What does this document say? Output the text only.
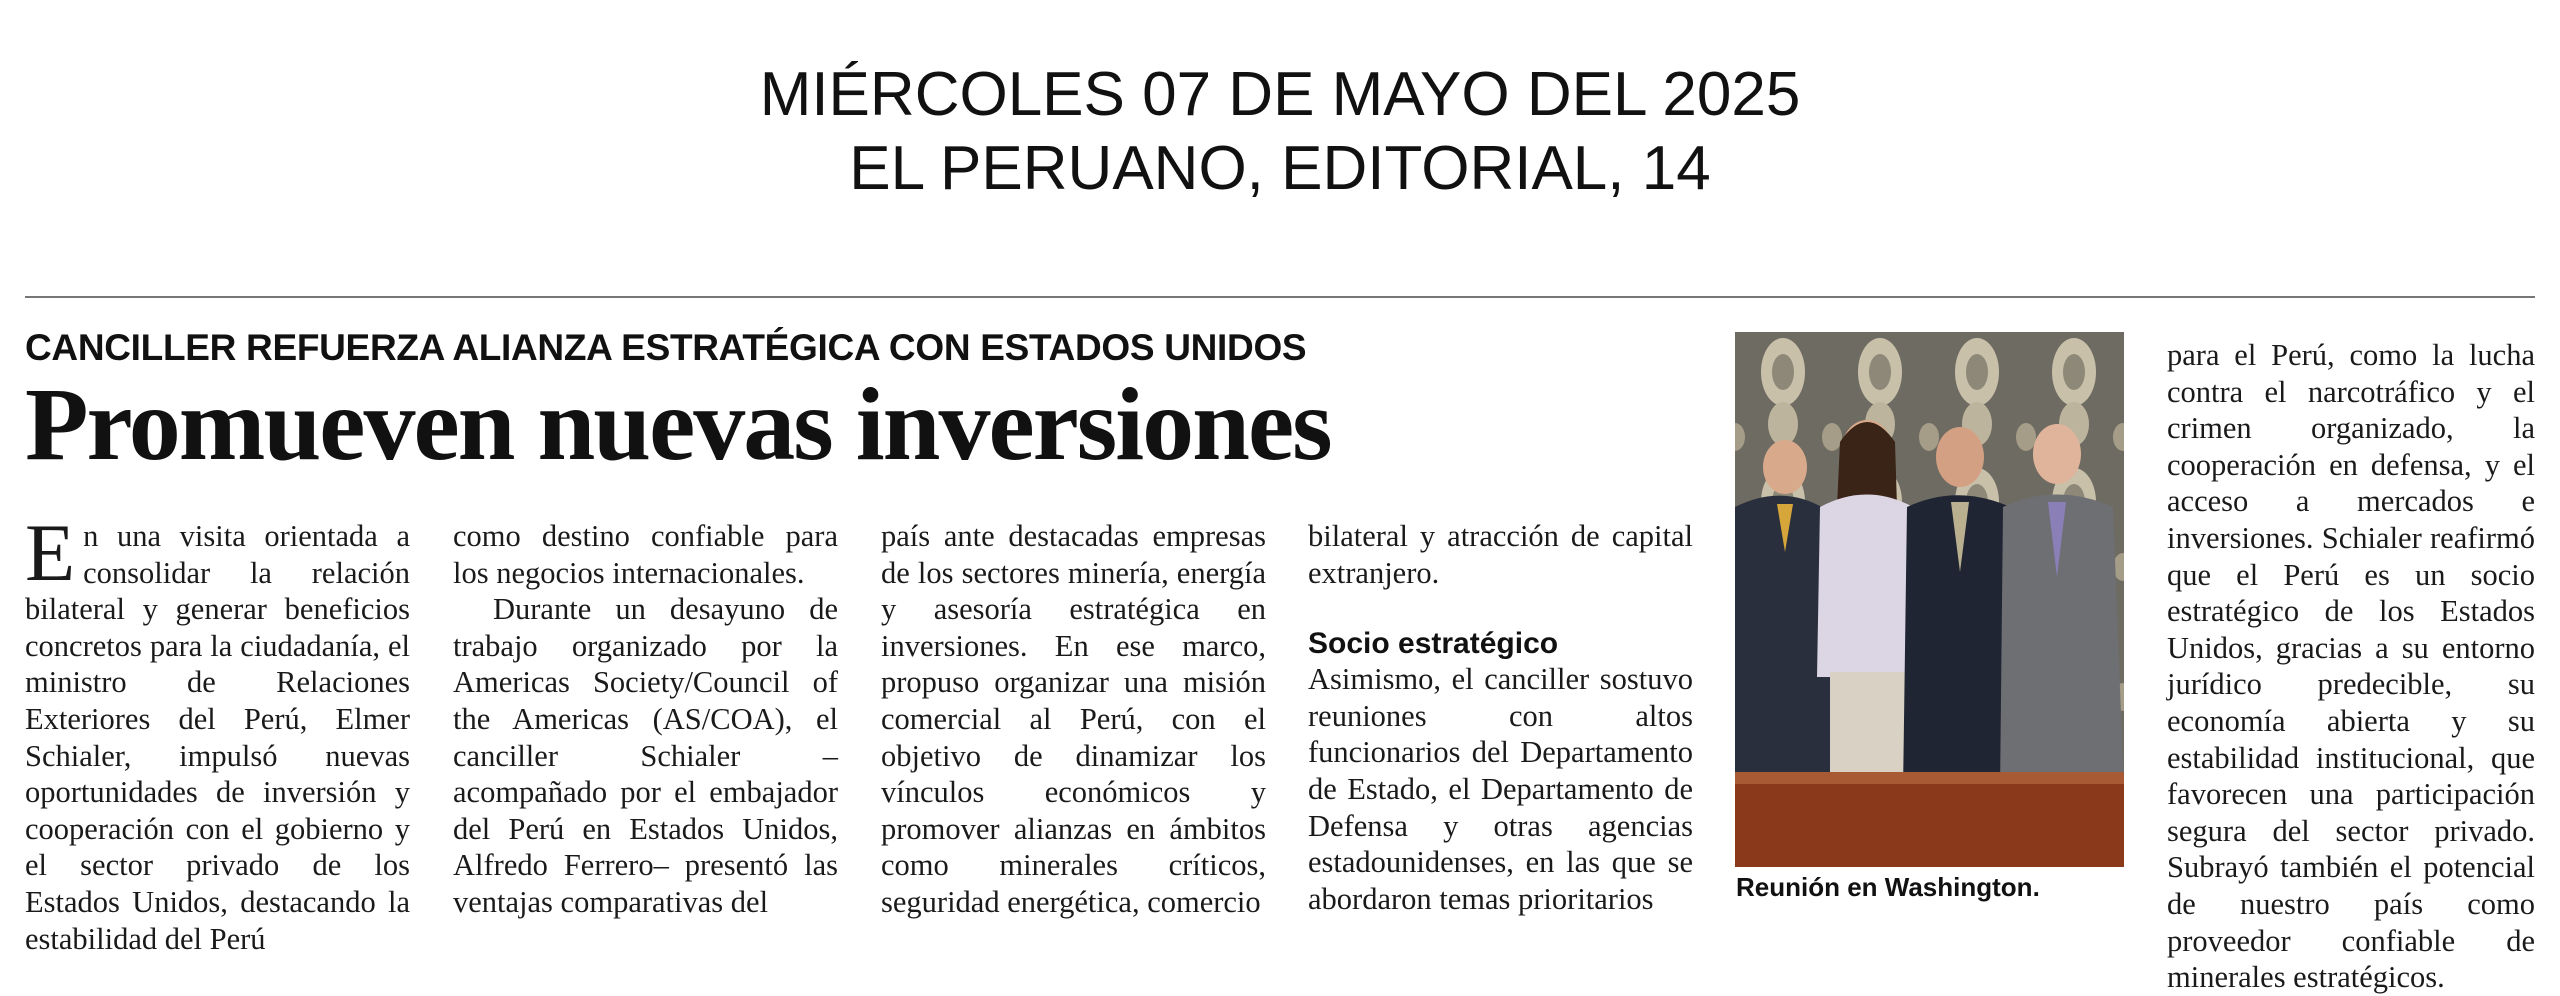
MIÉRCOLES 07 DE MAYO DEL 2025
EL PERUANO, EDITORIAL, 14
CANCILLER REFUERZA ALIANZA ESTRATÉGICA CON ESTADOS UNIDOS
Promueven nuevas inversiones

En una visita orientada a consolidar la relación bilateral y generar beneficios concretos para la ciudadanía, el ministro de Relaciones Exteriores del Perú, Elmer Schialer, impulsó nuevas oportunidades de inversión y cooperación con el gobierno y el sector privado de los Estados Unidos, destacando la estabilidad del Perú

como destino confiable para los negocios internacionales.

Durante un desayuno de trabajo organizado por la Americas Society/Council of the Americas (AS/COA), el canciller Schialer –acompañado por el embajador del Perú en Estados Unidos, Alfredo Ferrero– presentó las ventajas comparativas del

país ante destacadas empresas de los sectores minería, energía y asesoría estratégica en inversiones. En ese marco, propuso organizar una misión comercial al Perú, con el objetivo de dinamizar los vínculos económicos y promover alianzas en ámbitos como minerales críticos, seguridad energética, comercio

bilateral y atracción de capital extranjero.

Socio estratégico

Asimismo, el canciller sostuvo reuniones con altos funcionarios del Departamento de Estado, el Departamento de Defensa y otras agencias estadounidenses, en las que se abordaron temas prioritarios	Reunión en Washington.

para el Perú, como la lucha contra el narcotráfico y el crimen organizado, la cooperación en defensa, y el acceso a mercados e inversiones. Schialer reafirmó que el Perú es un socio estratégico de los Estados Unidos, gracias a su entorno jurídico predecible, su economía abierta y su estabilidad institucional, que favorecen una participación segura del sector privado. Subrayó también el potencial de nuestro país como proveedor confiable de minerales estratégicos.
